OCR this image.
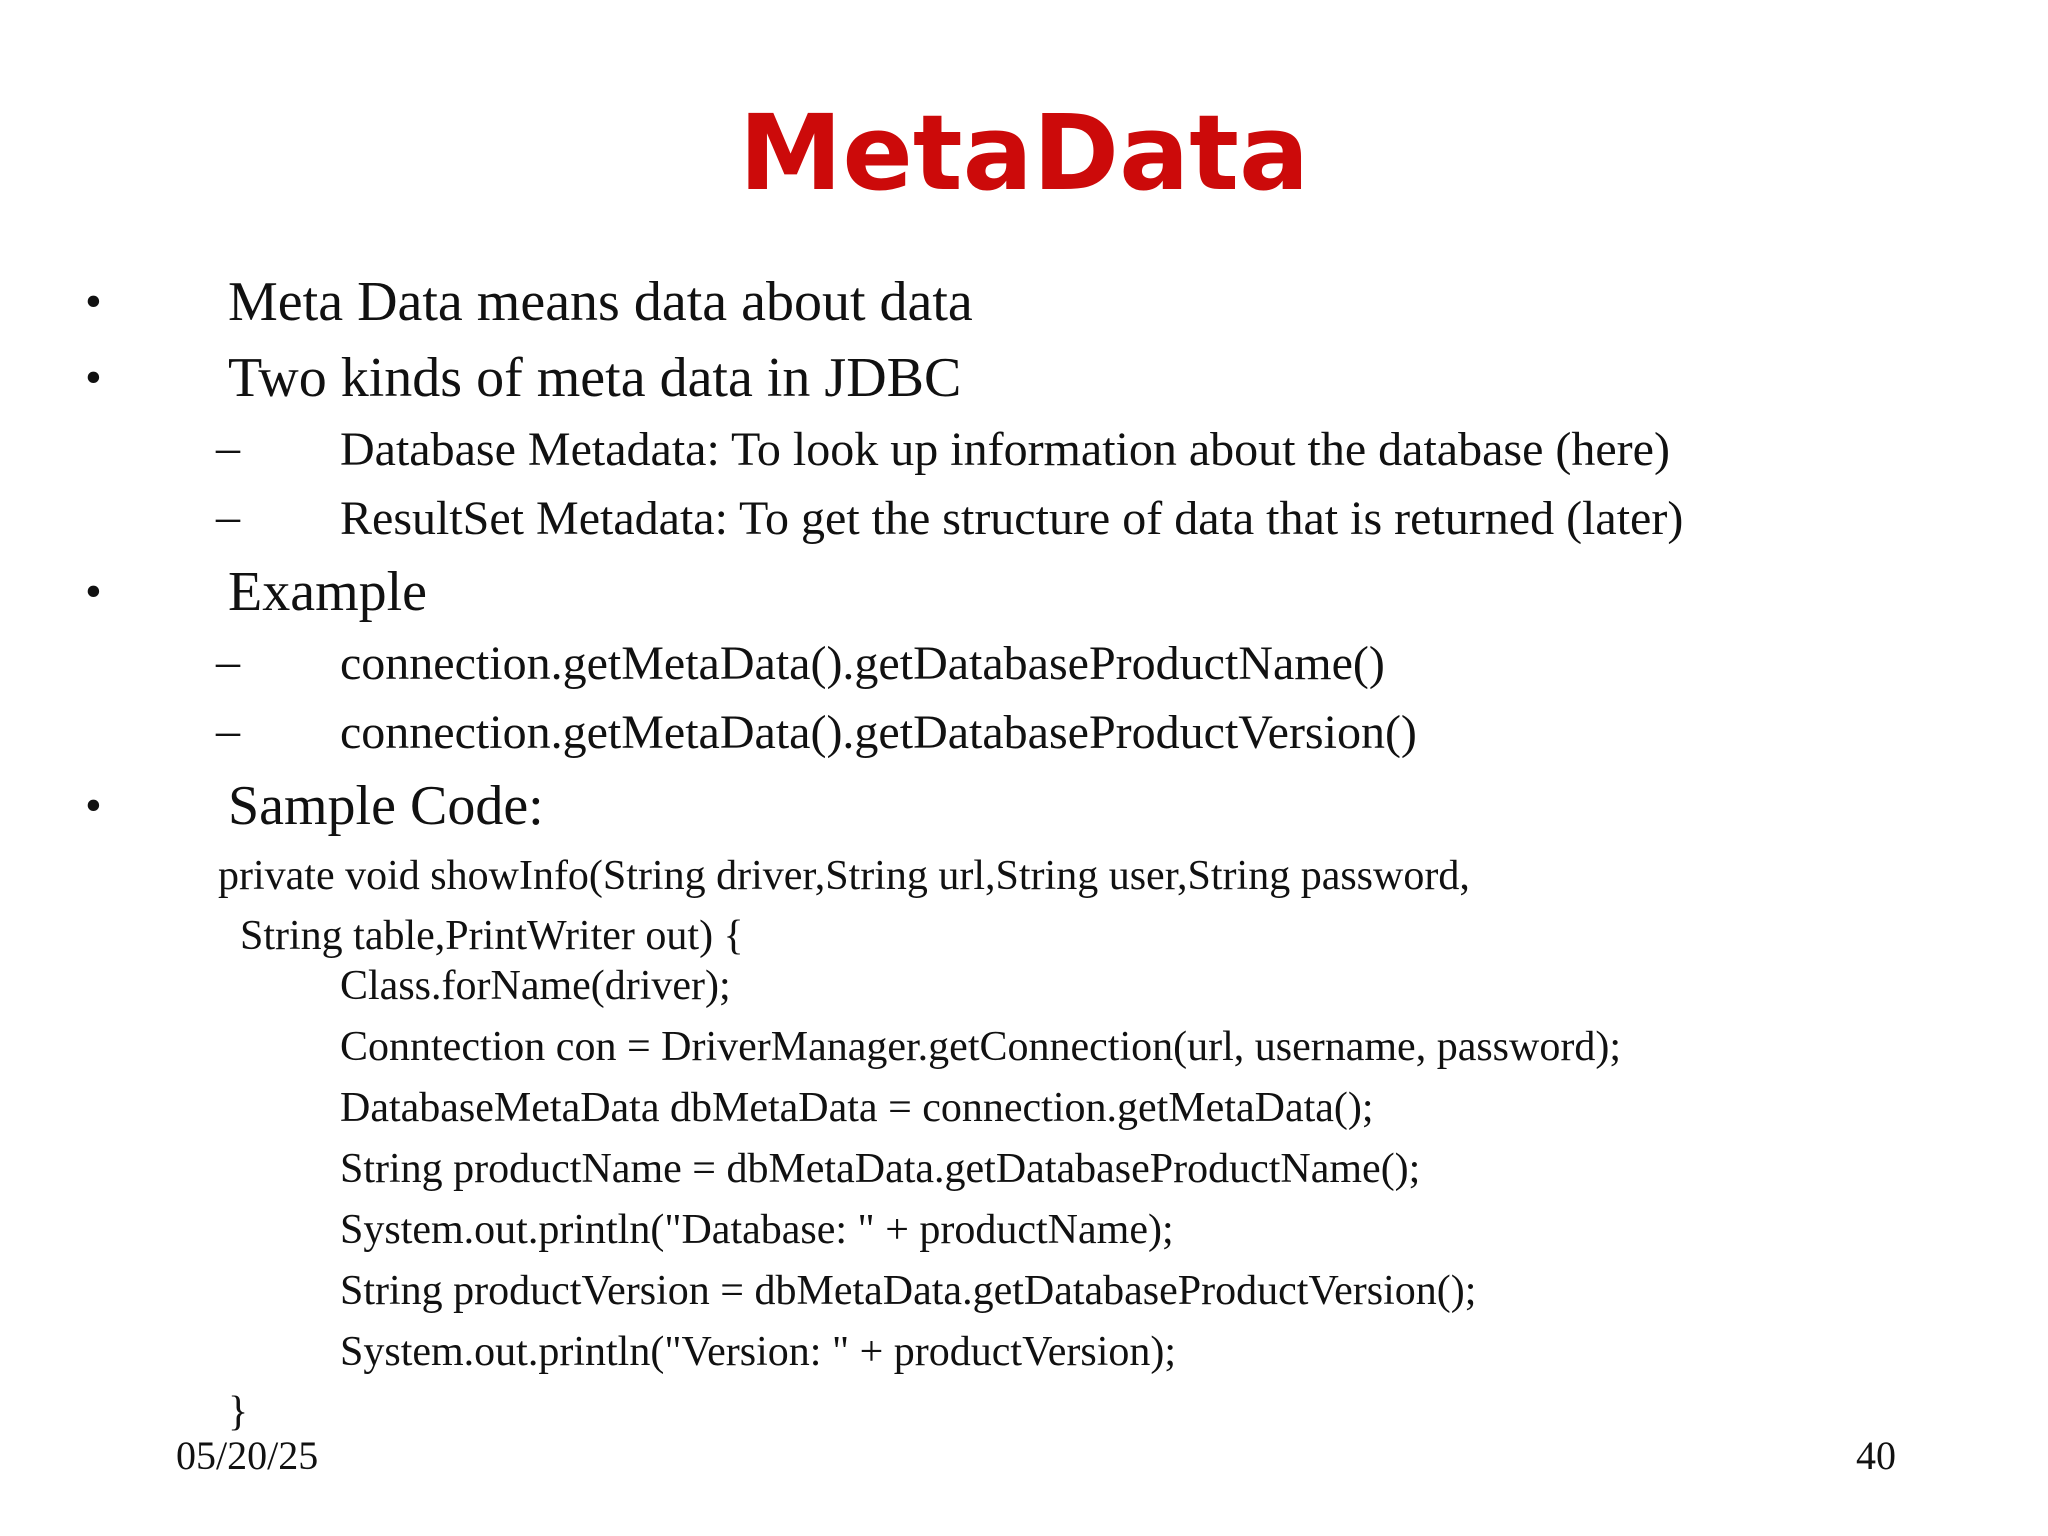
MetaData
• Meta Data means data about data
• Two kinds of meta data in JDBC
– Database Metadata: To look up information about the database (here)
– ResultSet Metadata: To get the structure of data that is returned (later)
• Example
– connection.getMetaData().getDatabaseProductName()
– connection.getMetaData().getDatabaseProductVersion()
• Sample Code:
private void showInfo(String driver,String url,String user,String password,
String table,PrintWriter out) {
Class.forName(driver);
Conntection con = DriverManager.getConnection(url, username, password);
DatabaseMetaData dbMetaData = connection.getMetaData();
String productName = dbMetaData.getDatabaseProductName();
System.out.println("Database: " + productName);
String productVersion = dbMetaData.getDatabaseProductVersion();
System.out.println("Version: " + productVersion);
}
05/20/25	40
